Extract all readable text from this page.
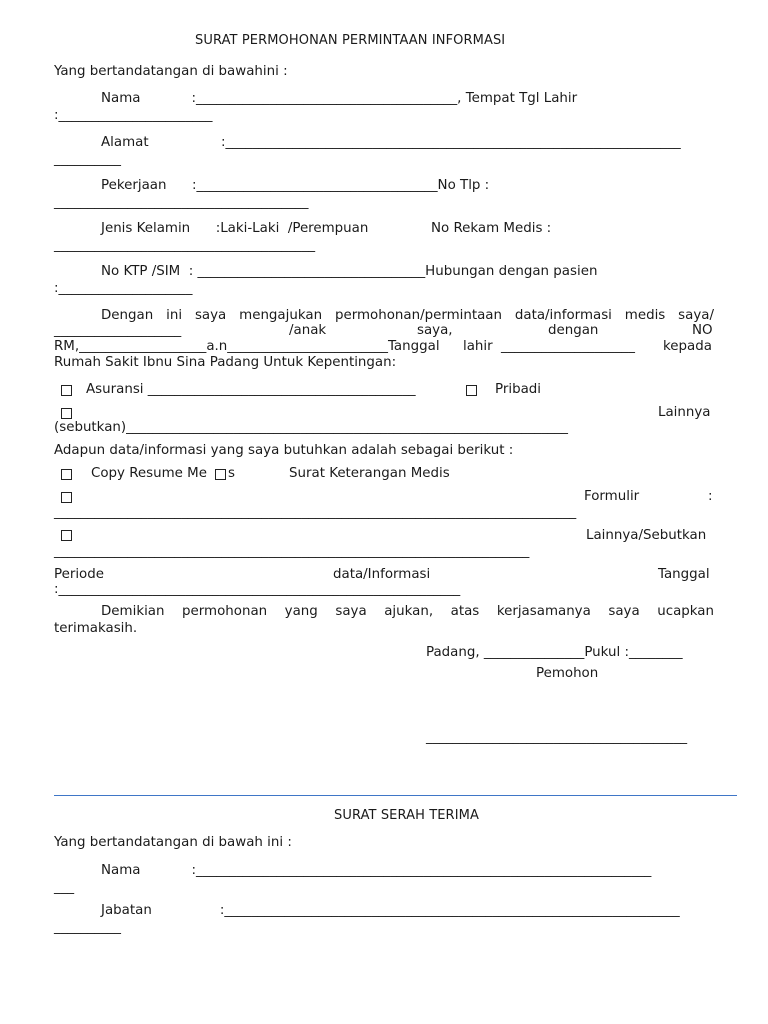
SURAT PERMOHONAN PERMINTAAN INFORMASI
Yang bertandatangan di bawahini :
Nama            :_______________________________________, Tempat Tgl Lahir
:_______________________
Alamat                 :____________________________________________________________________
__________
Pekerjaan      :____________________________________No Tlp :
______________________________________
Jenis Kelamin      :Laki-Laki  /Perempuan	No Rekam Medis :
_______________________________________
No KTP /SIM  : __________________________________Hubungan dengan pasien
:____________________
Dengan ini saya mengajukan permohonan/permintaan data/informasi medis saya/
___________________	/anak	saya,	dengan	NO
RM,___________________a.n________________________Tanggal lahir ____________________ kepada
Rumah Sakit Ibnu Sina Padang Untuk Kepentingan:
Asuransi ________________________________________	Pribadi
Lainnya
(sebutkan)__________________________________________________________________
Adapun data/informasi yang saya butuhkan adalah sebagai berikut :
Copy Resume Me s	Surat Keterangan Medis
Formulir	:
______________________________________________________________________________
Lainnya/Sebutkan
_______________________________________________________________________
Periode	data/Informasi	Tanggal
:____________________________________________________________
Demikian permohonan yang saya ajukan, atas kerjasamanya saya ucapkan
terimakasih.
Padang, _______________Pukul :________
Pemohon
_______________________________________
SURAT SERAH TERIMA
Yang bertandatangan di bawah ini :
Nama            :____________________________________________________________________
___
Jabatan                :____________________________________________________________________
__________
